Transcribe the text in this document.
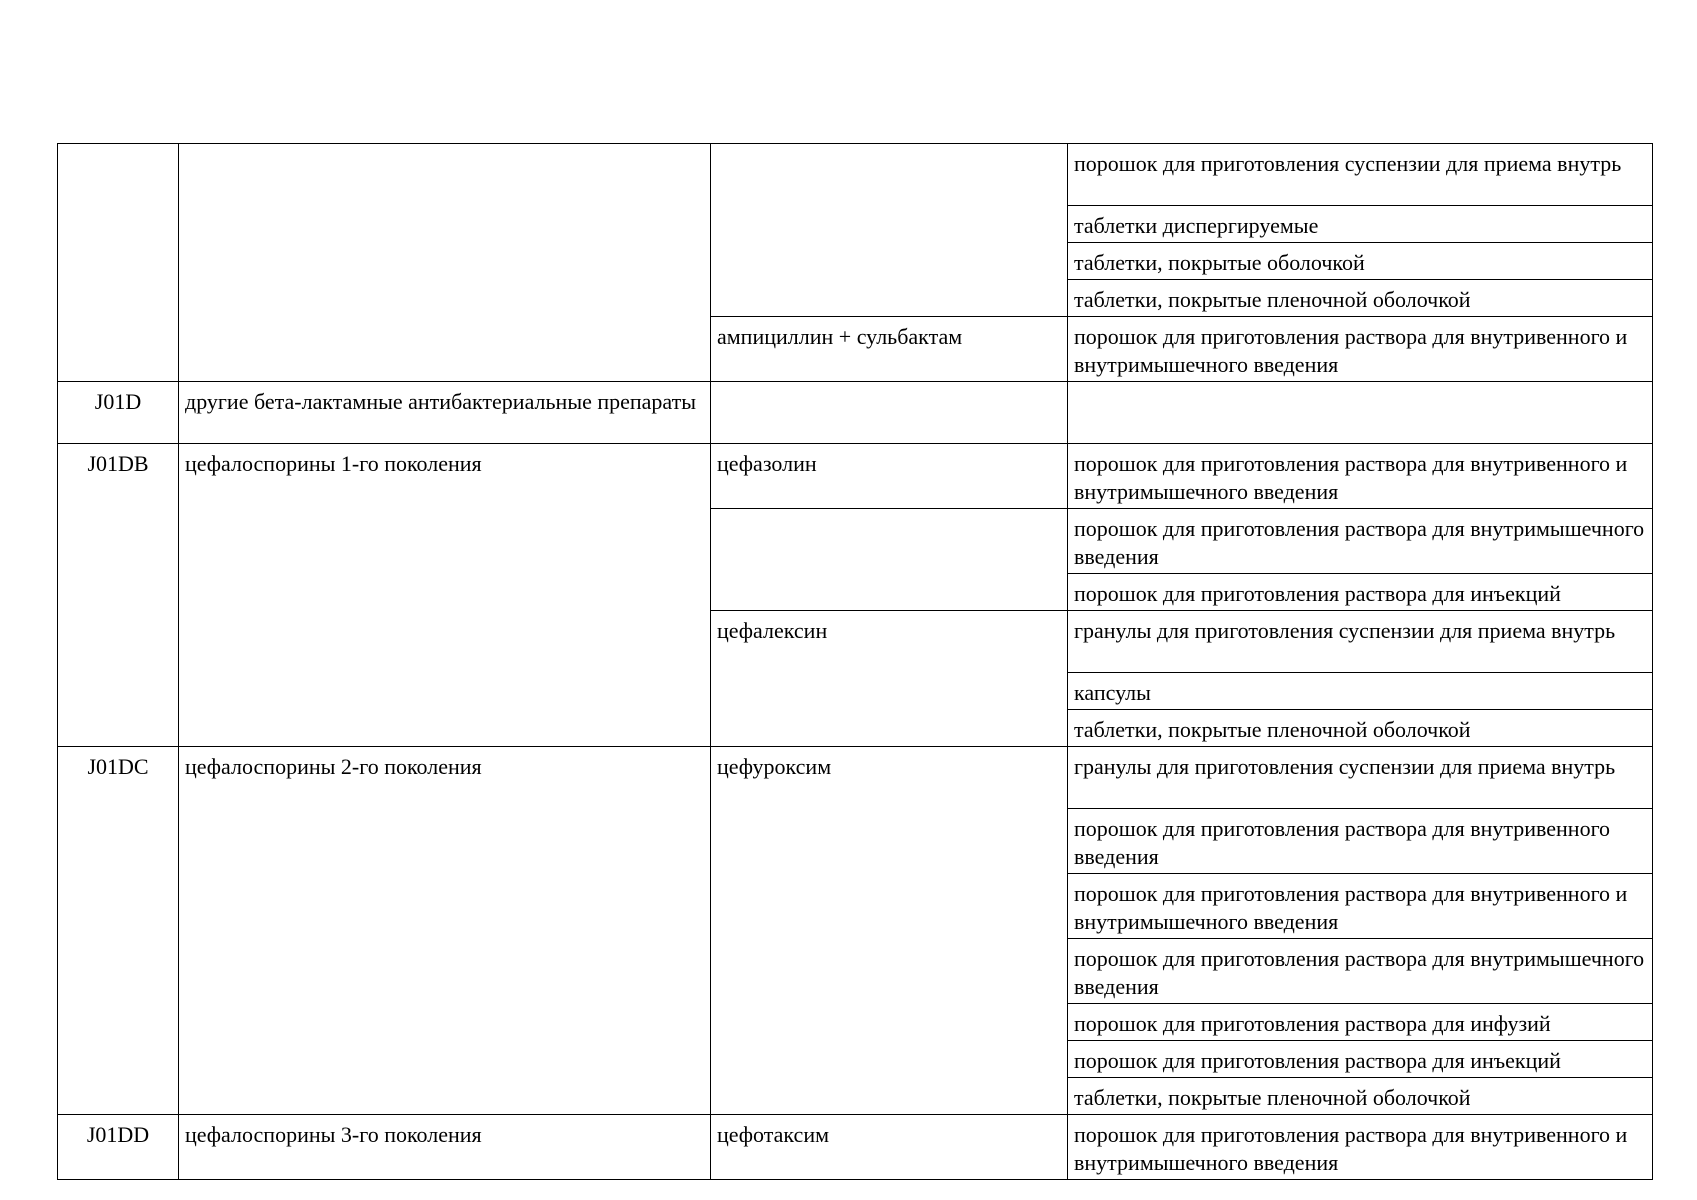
			порошок для приготовления суспензии для приема внутрь
			таблетки диспергируемые
			таблетки, покрытые оболочкой
			таблетки, покрытые пленочной оболочкой
		ампициллин + сульбактам	порошок для приготовления раствора для внутривенного и внутримышечного введения
J01D	другие бета-лактамные антибактериальные препараты		
J01DB	цефалоспорины 1-го поколения	цефазолин	порошок для приготовления раствора для внутривенного и внутримышечного введения
			порошок для приготовления раствора для внутримышечного введения
			порошок для приготовления раствора для инъекций
		цефалексин	гранулы для приготовления суспензии для приема внутрь
			капсулы
			таблетки, покрытые пленочной оболочкой
J01DC	цефалоспорины 2-го поколения	цефуроксим	гранулы для приготовления суспензии для приема внутрь
			порошок для приготовления раствора для внутривенного введения
			порошок для приготовления раствора для внутривенного и внутримышечного введения
			порошок для приготовления раствора для внутримышечного введения
			порошок для приготовления раствора для инфузий
			порошок для приготовления раствора для инъекций
			таблетки, покрытые пленочной оболочкой
J01DD	цефалоспорины 3-го поколения	цефотаксим	порошок для приготовления раствора для внутривенного и внутримышечного введения
